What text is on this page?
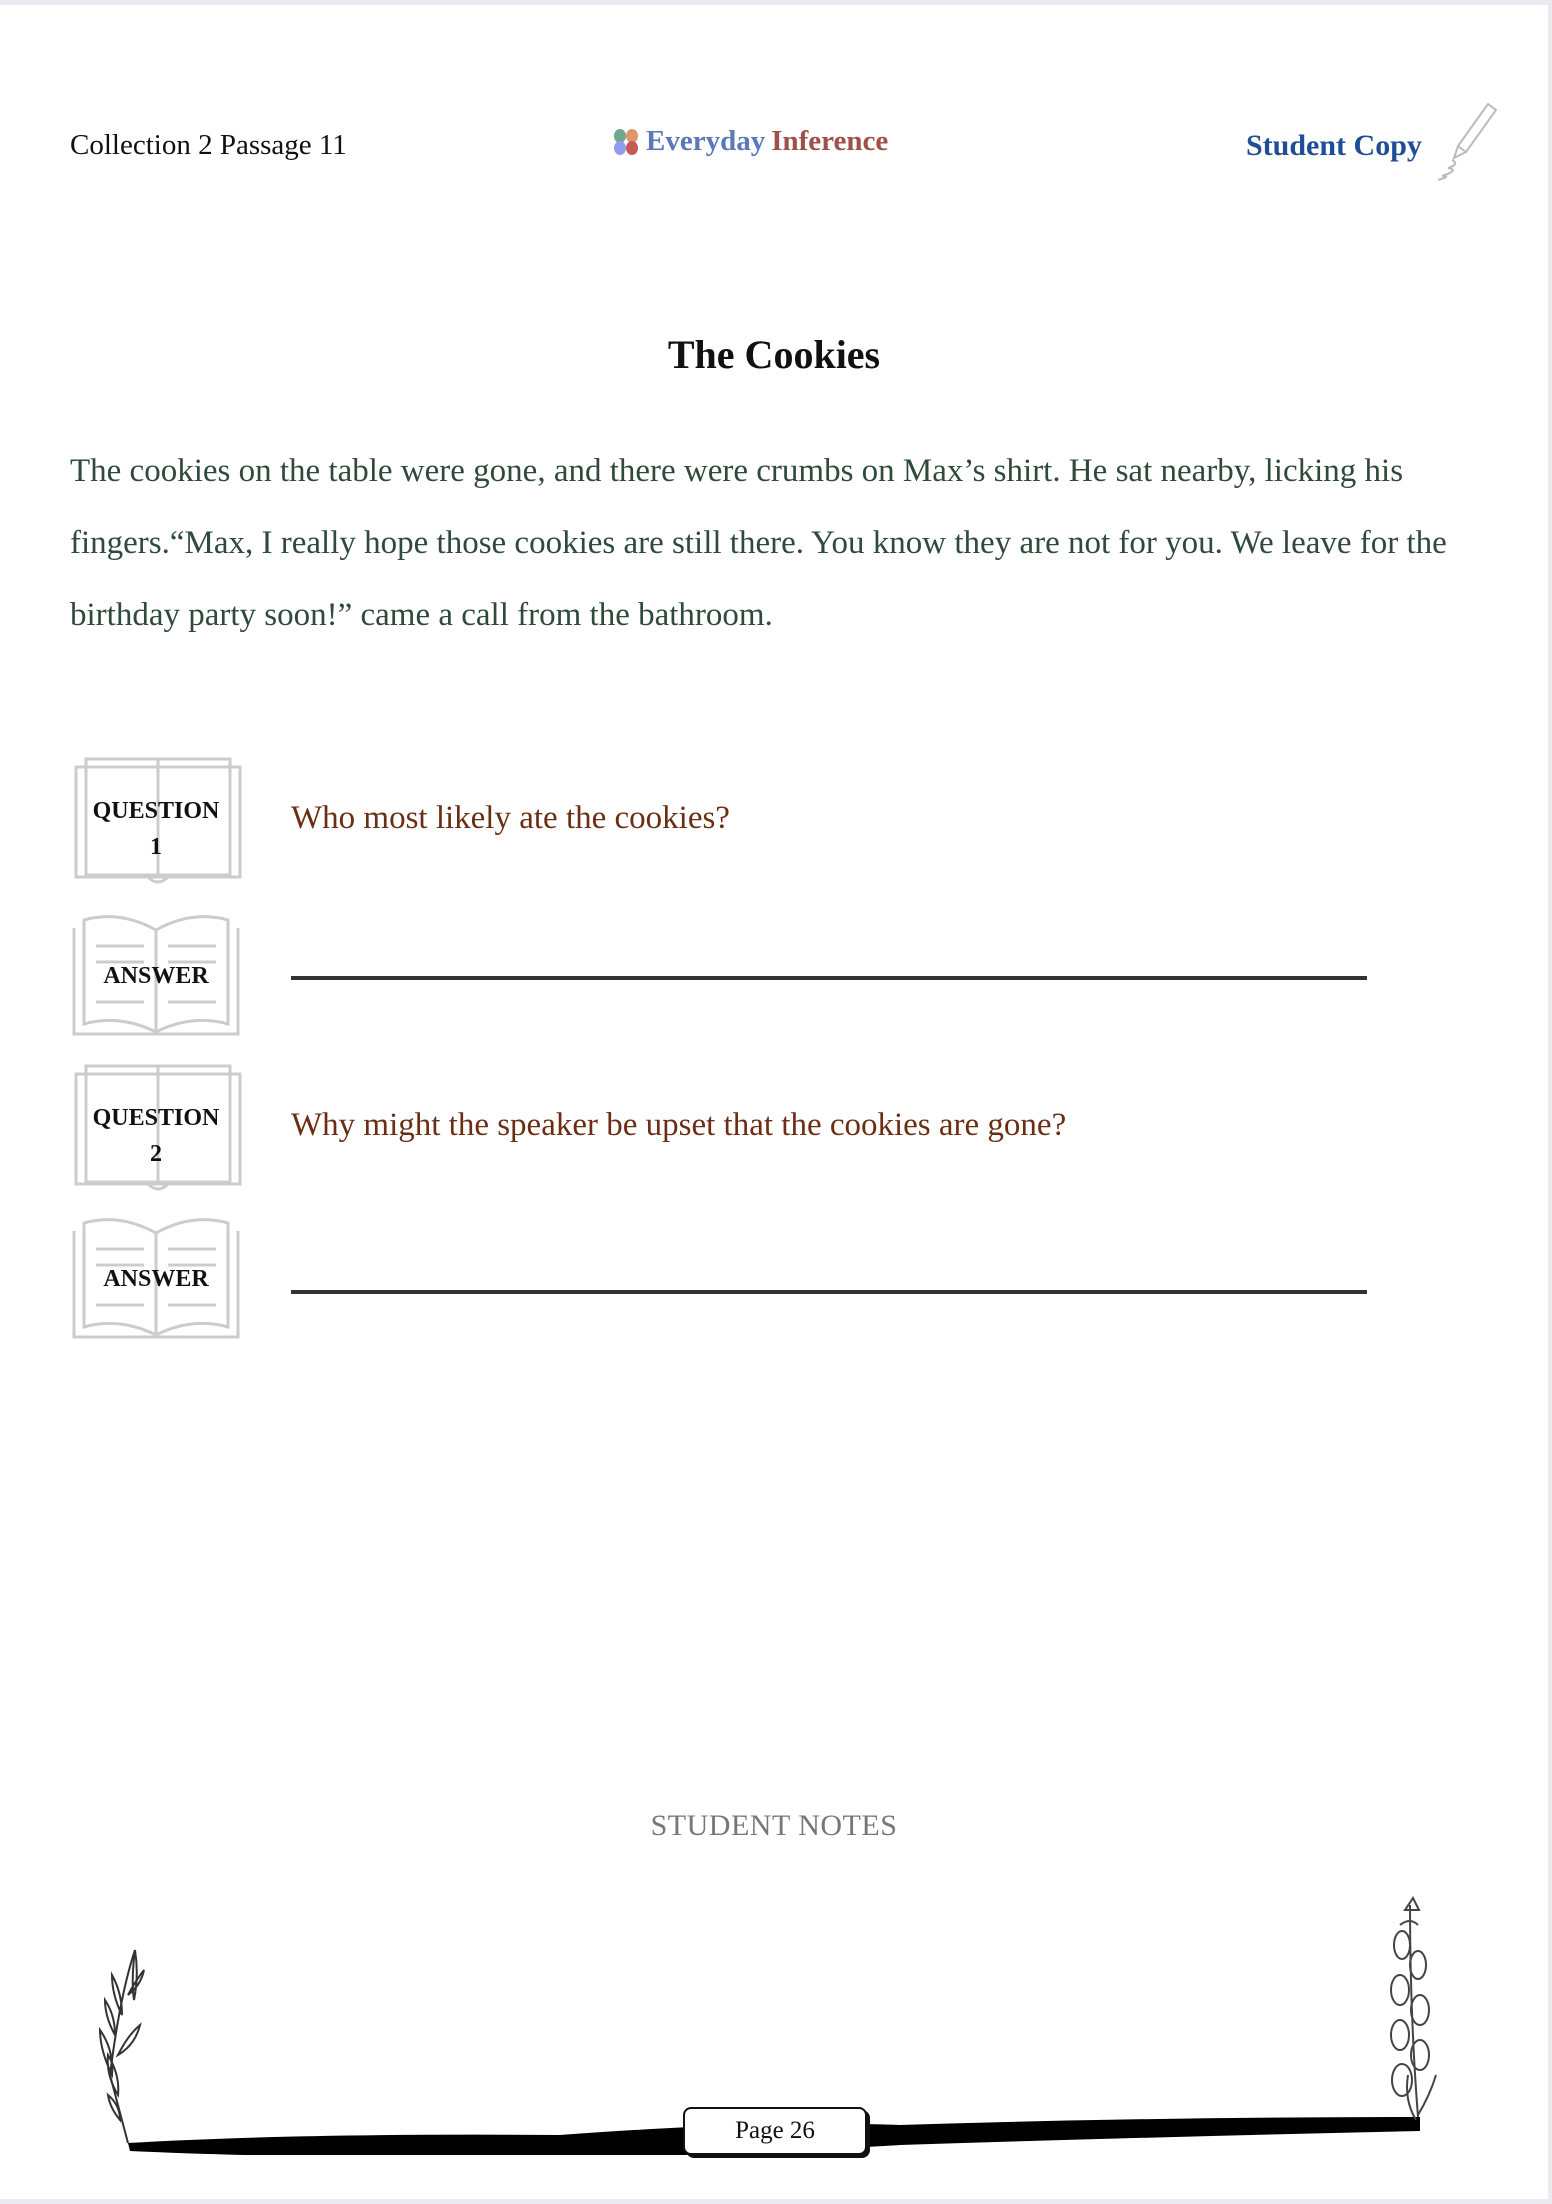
Collection 2 Passage 11	Everyday Inference	Student Copy
The Cookies
The cookies on the table were gone, and there were crumbs on Max’s shirt. He sat nearby, licking his fingers.“Max, I really hope those cookies are still there. You know they are not for you. We leave for the birthday party soon!” came a call from the bathroom.
QUESTION
1
Who most likely ate the cookies?
ANSWER
QUESTION
2
Why might the speaker be upset that the cookies are gone?
ANSWER
STUDENT NOTES
Page 26
